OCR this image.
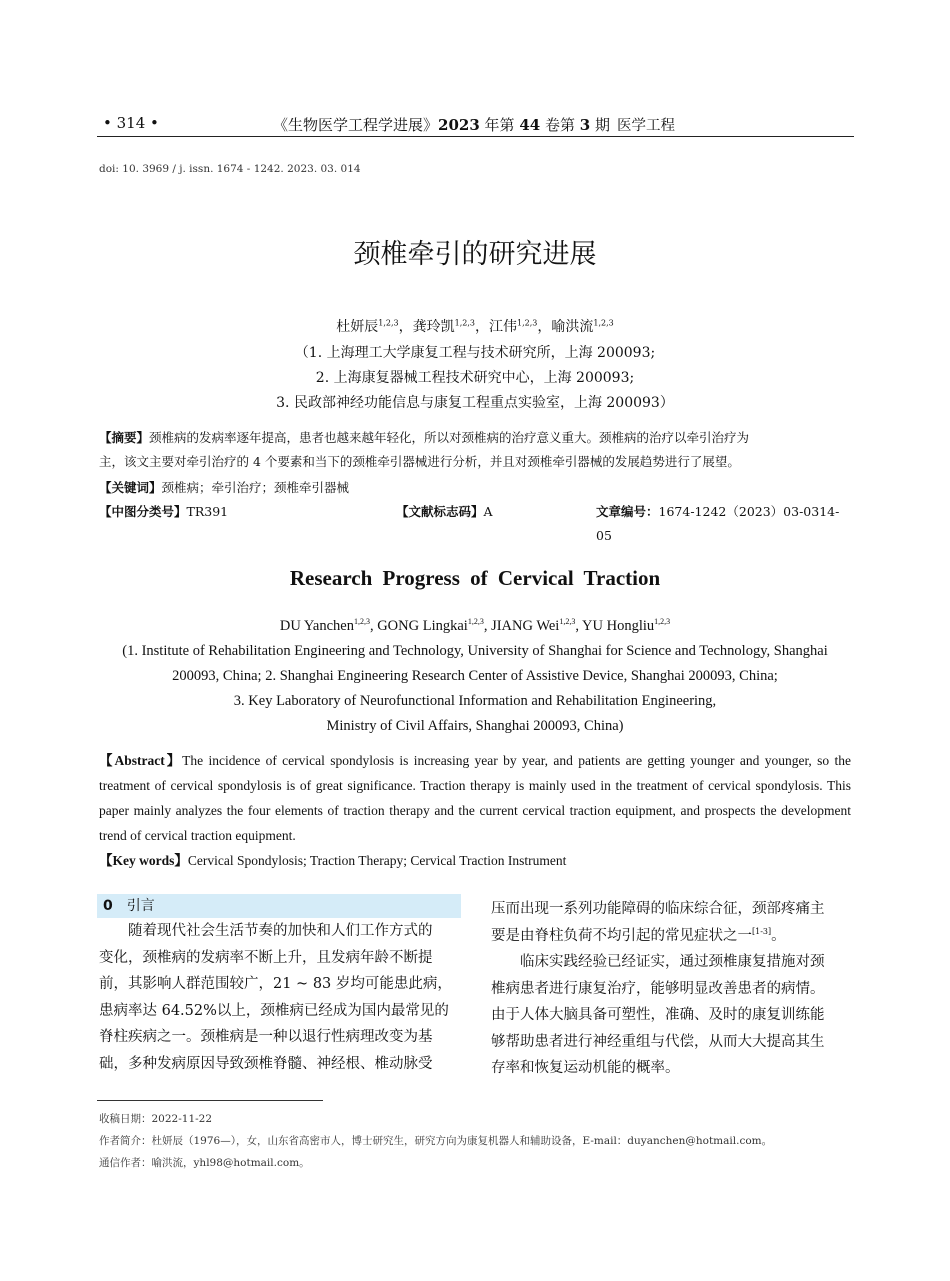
• 314 •	《生物医学工程学进展》2023 年第 44 卷第 3 期 医学工程
doi: 10. 3969 / j. issn. 1674 - 1242. 2023. 03. 014
颈椎牵引的研究进展
杜妍辰$^{1,2,3}$，龚玲凯$^{1,2,3}$，江伟$^{1,2,3}$，喻洪流$^{1,2,3}$
（1. 上海理工大学康复工程与技术研究所，上海 200093;
2. 上海康复器械工程技术研究中心，上海 200093;
3. 民政部神经功能信息与康复工程重点实验室，上海 200093）
【摘要】颈椎病的发病率逐年提高，患者也越来越年轻化，所以对颈椎病的治疗意义重大。颈椎病的治疗以牵引治疗为
主，该文主要对牵引治疗的 4 个要素和当下的颈椎牵引器械进行分析，并且对颈椎牵引器械的发展趋势进行了展望。
【关键词】颈椎病；牵引治疗；颈椎牵引器械
【中图分类号】TR391	【文献标志码】A	文章编号：1674-1242（2023）03-0314-05
Research Progress of Cervical Traction
DU Yanchen$^{1,2,3}$, GONG Lingkai$^{1,2,3}$, JIANG Wei$^{1,2,3}$, YU Hongliu$^{1,2,3}$
(1. Institute of Rehabilitation Engineering and Technology, University of Shanghai for Science and Technology, Shanghai
200093, China; 2. Shanghai Engineering Research Center of Assistive Device, Shanghai 200093, China;
3. Key Laboratory of Neurofunctional Information and Rehabilitation Engineering,
Ministry of Civil Affairs, Shanghai 200093, China)
【Abstract】The incidence of cervical spondylosis is increasing year by year, and patients are getting younger and younger, so the treatment of cervical spondylosis is of great significance. Traction therapy is mainly used in the treatment of cervical spondylosis. This paper mainly analyzes the four elements of traction therapy and the current cervical traction equipment, and prospects the development trend of cervical traction equipment.
【Key words】Cervical Spondylosis; Traction Therapy; Cervical Traction Instrument
0 引言

　　随着现代社会生活节奏的加快和人们工作方式的

变化，颈椎病的发病率不断上升，且发病年龄不断提

前，其影响人群范围较广，21 ~ 83 岁均可能患此病，

患病率达 64.52%以上，颈椎病已经成为国内最常见的

脊柱疾病之一。颈椎病是一种以退行性病理改变为基

础，多种发病原因导致颈椎脊髓、神经根、椎动脉受

压而出现一系列功能障碍的临床综合征，颈部疼痛主

要是由脊柱负荷不均引起的常见症状之一[1-3]。

　　临床实践经验已经证实，通过颈椎康复措施对颈

椎病患者进行康复治疗，能够明显改善患者的病情。

由于人体大脑具备可塑性，准确、及时的康复训练能

够帮助患者进行神经重组与代偿，从而大大提高其生

存率和恢复运动机能的概率。

收稿日期：2022-11-22
作者简介：杜妍辰（1976—），女，山东省高密市人，博士研究生，研究方向为康复机器人和辅助设备，E-mail：duyanchen@hotmail.com。
通信作者：喻洪流，yhl98@hotmail.com。
